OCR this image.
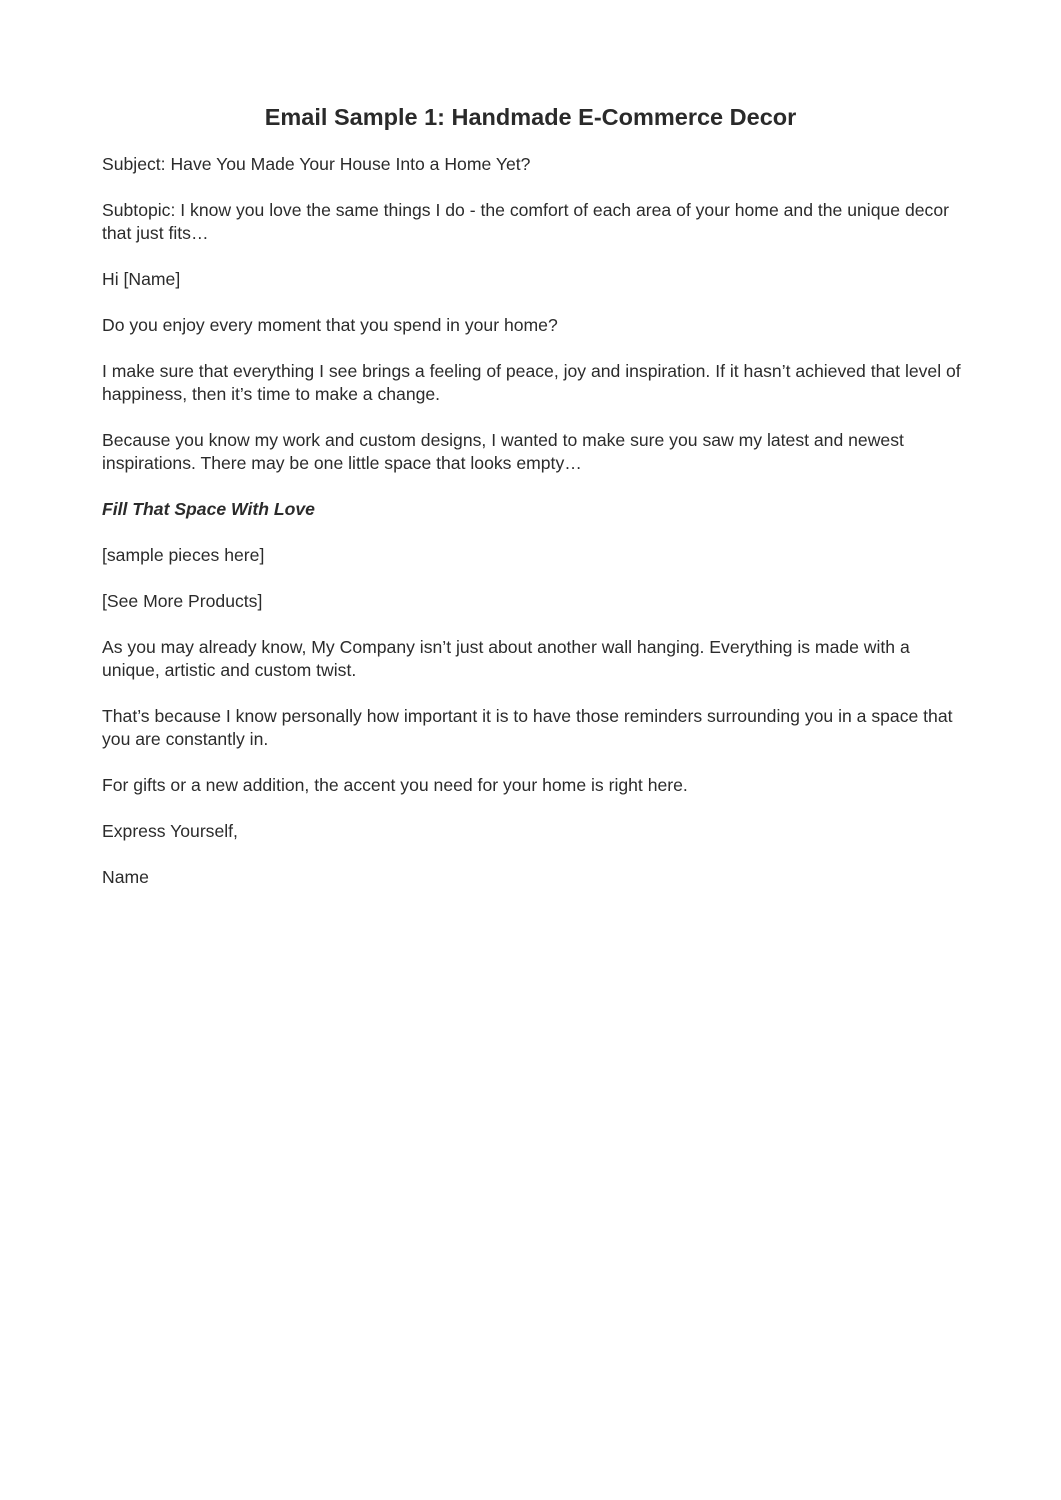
Email Sample 1: Handmade E-Commerce Decor

Subject: Have You Made Your House Into a Home Yet?

Subtopic: I know you love the same things I do - the comfort of each area of your home and the unique decor that just fits…

Hi [Name]

Do you enjoy every moment that you spend in your home?

I make sure that everything I see brings a feeling of peace, joy and inspiration. If it hasn’t achieved that level of happiness, then it’s time to make a change.

Because you know my work and custom designs, I wanted to make sure you saw my latest and newest inspirations. There may be one little space that looks empty…

Fill That Space With Love

[sample pieces here]

[See More Products]

As you may already know, My Company isn’t just about another wall hanging. Everything is made with a unique, artistic and custom twist.

That’s because I know personally how important it is to have those reminders surrounding you in a space that you are constantly in.

For gifts or a new addition, the accent you need for your home is right here.

Express Yourself,

Name
